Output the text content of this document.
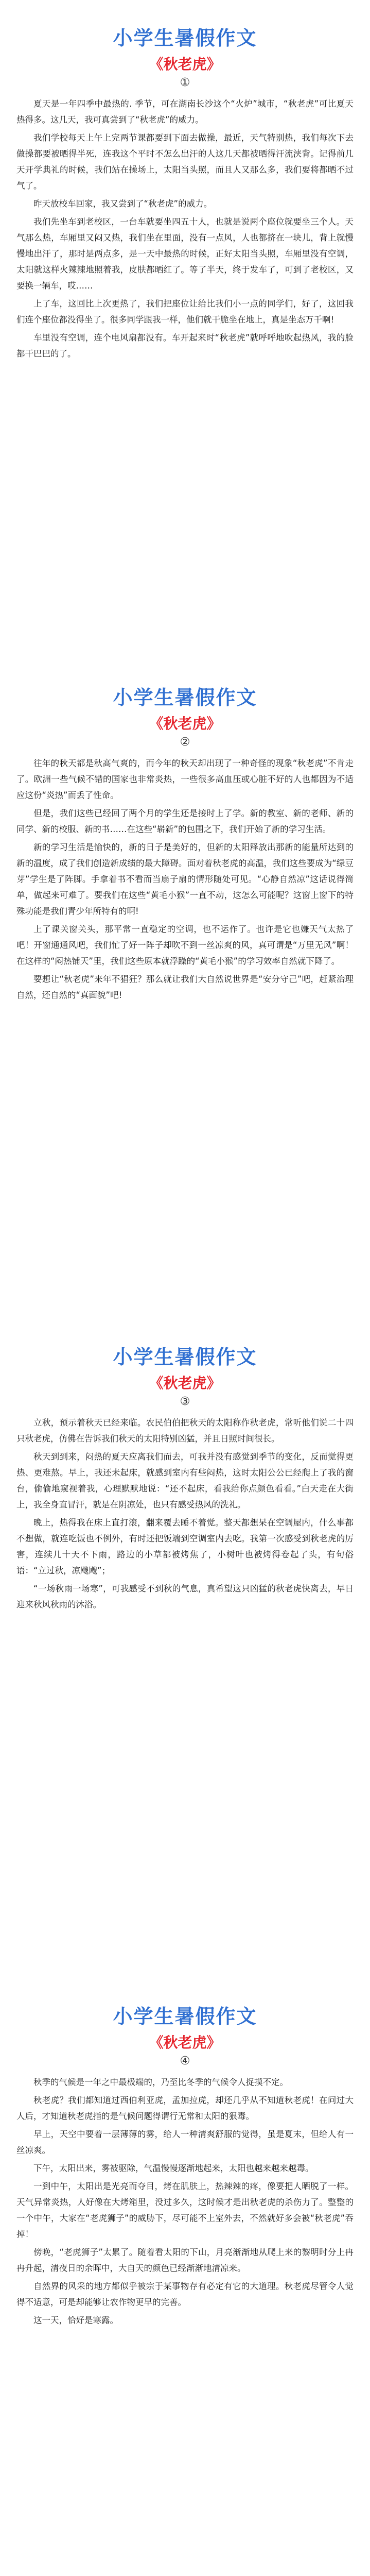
小学生暑假作文
《秋老虎》
①

夏天是一年四季中最热的. 季节，可在湖南长沙这个“火炉”城市，“秋老虎”可比夏天热得多。这几天，我可真尝到了“秋老虎”的威力。

我们学校每天上午上完两节课都要到下面去做操，最近，天气特别热，我们每次下去做操都要被晒得半死，连我这个平时不怎么出汗的人这几天都被晒得汗流浃背。记得前几天开学典礼的时候，我们站在操场上，太阳当头照，而且人又那么多，我们要将都晒不过气了。

昨天放校车回家，我又尝到了“秋老虎”的威力。

我们先坐车到老校区，一台车就要坐四五十人，也就是说两个座位就要坐三个人。天气那么热，车厢里又闷又热，我们坐在里面，没有一点风，人也都挤在一块儿，背上就慢慢地出汗了，那时是两点多，是一天中最热的时候，正好太阳当头照，车厢里没有空调，太阳就这样火辣辣地照着我，皮肤都晒红了。等了半天，终于发车了，可到了老校区，又要换一辆车，哎……

上了车，这回比上次更热了，我们把座位让给比我们小一点的同学们，好了，这回我们连个座位都没得坐了。很多同学跟我一样，他们就干脆坐在地上，真是坐态万千啊!

车里没有空调，连个电风扇都没有。车开起来时“秋老虎”就呼呼地吹起热风，我的脸都干巴巴的了。

小学生暑假作文
《秋老虎》
②

往年的秋天都是秋高气爽的，而今年的秋天却出现了一种奇怪的现象“秋老虎”不肯走了。欧洲一些气候不错的国家也非常炎热，一些很多高血压或心脏不好的人也都因为不适应这份“炎热”而丢了性命。

但是，我们这些已经回了两个月的学生还是接时上了学。新的教室、新的老师、新的同学、新的校服、新的书……在这些“崭新”的包围之下，我们开始了新的学习生活。

新的学习生活是愉快的，新的日子是美好的，但新的太阳释放出那新的能量所达到的新的温度，成了我们创造新成绩的最大障碍。面对着秋老虎的高温，我们这些要成为“绿豆芽”学生是了阵脚。手拿着书不看而当扇子扇的情形随处可见。“心静自然凉”这话说得简单，做起来可难了。要我们在这些“黄毛小猴”一直不动，这怎么可能呢？这窗上窗下的特殊功能是我们青少年所特有的啊!

上了课关窗关头，那平常一直稳定的空调，也不运作了。也许是它也嫌天气太热了吧！开窗通通风吧，我们忙了好一阵子却吹不到一丝凉爽的风，真可谓是“万里无风”啊！在这样的“闷热铺天”里，我们这些原本就浮躁的“黄毛小猴”的学习效率自然就下降了。

要想让“秋老虎”来年不猖狂？那么就让我们大自然说世界是“安分守己”吧，赶紧治理自然，还自然的“真面貌”吧!

小学生暑假作文
《秋老虎》
③

立秋，预示着秋天已经来临。农民伯伯把秋天的太阳称作秋老虎，常听他们说二十四只秋老虎，仿佛在告诉我们秋天的太阳特别凶猛，并且日照时间很长。

秋天到到来，闷热的夏天应离我们而去，可我并没有感觉到季节的变化，反而觉得更热、更难熬。早上，我还未起床，就感到室内有些闷热，这时太阳公公已经爬上了我的窗台，偷偷地窥视着我，心理默默地说：“还不起床，看我给你点颜色看看。”白天走在大街上，我全身直冒汗，就是在阴凉处，也只有感受热风的洗礼。

晚上，热得我在床上直打滚，翻来覆去睡不着觉。整天都想呆在空调屋内，什么事都不想做，就连吃饭也不例外，有时还把饭端到空调室内去吃。我第一次感受到秋老虎的厉害，连续几十天不下雨，路边的小草都被烤焦了，小树叶也被烤得卷起了头，有句俗语：“立过秋，凉飕飕”；

“一场秋雨一场寒”，可我感受不到秋的气息，真希望这只凶猛的秋老虎快离去，早日迎来秋风秋雨的沐浴。

小学生暑假作文
《秋老虎》
④

秋季的气候是一年之中最极端的，乃至比冬季的气候令人捉摸不定。

秋老虎？我们都知道过西伯利亚虎，孟加拉虎，却还几乎从不知道秋老虎！在问过大人后，才知道秋老虎指的是气候问题得谓行无常和太阳的狠毒。

早上，天空中要着一层薄薄的雾，给人一种清爽舒服的觉得，虽是夏末，但给人有一丝凉爽。

下午，太阳出来，雾被驱除，气温慢慢逐渐地起来，太阳也越来越来越毒。

一到中午，太阳出是光亮而夺目，烤在肌肤上，热辣辣的疼，像要把人晒脱了一样。天气异常炎热，人好像在大烤箱里，没过多久，这时候才是出秋老虎的杀伤力了。整整的一个中午，大家在“老虎狮子”的威胁下，尽可能不上室外去，不然就好多会被“秋老虎”吞掉！

傍晚，“老虎狮子”太累了。随着看太阳的下山，月亮渐渐地从爬上来的黎明时分上冉冉升起，清夜日的余晖中，大自天的颜色已经渐渐地清凉来。

自然界的风采的地方都似乎被宗于某事物存有必定有它的大道理。秋老虎尽管令人觉得不适意，可是却能够让农作物更早的完善。

这一天，恰好是寒露。
